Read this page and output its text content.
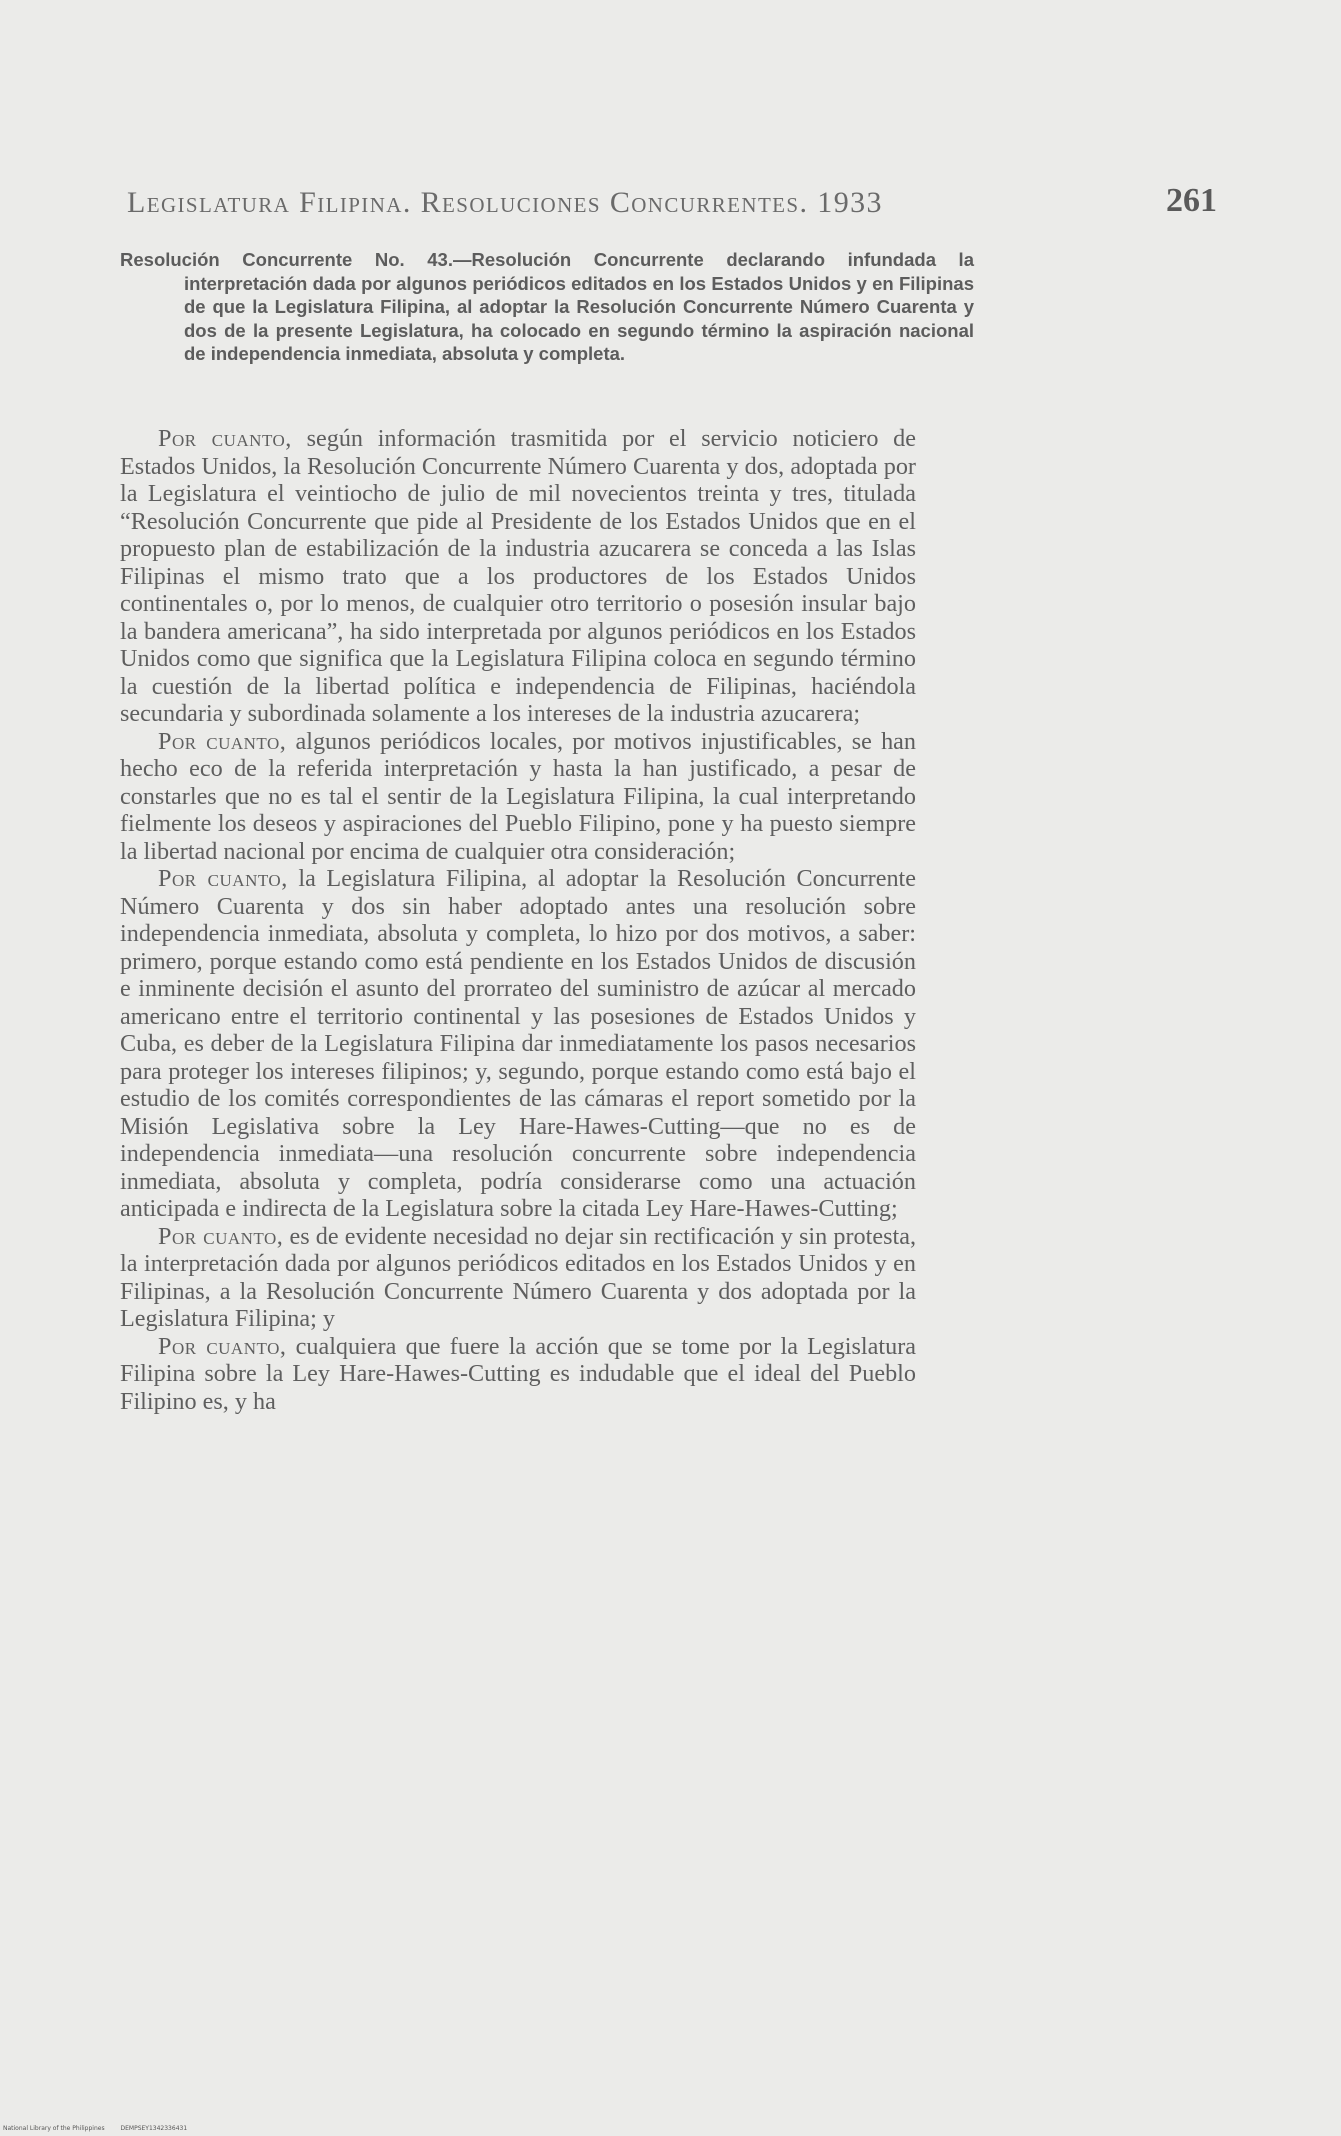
Legislatura Filipina. Resoluciones Concurrentes. 1933	261
Resolución Concurrente No. 43.—Resolución Concurrente declarando infundada la interpretación dada por algunos periódicos editados en los Estados Unidos y en Filipinas de que la Legislatura Filipina, al adoptar la Resolución Concurrente Número Cuarenta y dos de la presente Legislatura, ha colocado en segundo término la aspiración nacional de independencia inmediata, absoluta y completa.

Por cuanto, según información trasmitida por el servicio noticiero de Estados Unidos, la Resolución Concurrente Número Cuarenta y dos, adoptada por la Legislatura el veintiocho de julio de mil novecientos treinta y tres, titulada “Resolución Concurrente que pide al Presidente de los Estados Unidos que en el propuesto plan de estabilización de la industria azucarera se conceda a las Islas Filipinas el mismo trato que a los productores de los Estados Unidos continentales o, por lo menos, de cualquier otro territorio o posesión insular bajo la bandera americana”, ha sido interpretada por algunos periódicos en los Estados Unidos como que significa que la Legislatura Filipina coloca en segundo término la cuestión de la libertad política e independencia de Filipinas, haciéndola secundaria y subordinada solamente a los intereses de la industria azucarera;

Por cuanto, algunos periódicos locales, por motivos injustificables, se han hecho eco de la referida interpretación y hasta la han justificado, a pesar de constarles que no es tal el sentir de la Legislatura Filipina, la cual interpretando fielmente los deseos y aspiraciones del Pueblo Filipino, pone y ha puesto siempre la libertad nacional por encima de cualquier otra consideración;

Por cuanto, la Legislatura Filipina, al adoptar la Resolución Concurrente Número Cuarenta y dos sin haber adoptado antes una resolución sobre independencia inmediata, absoluta y completa, lo hizo por dos motivos, a saber: primero, porque estando como está pendiente en los Estados Unidos de discusión e inminente decisión el asunto del prorrateo del suministro de azúcar al mercado americano entre el territorio continental y las posesiones de Estados Unidos y Cuba, es deber de la Legislatura Filipina dar inmediatamente los pasos necesarios para proteger los intereses filipinos; y, segundo, porque estando como está bajo el estudio de los comités correspondientes de las cámaras el report sometido por la Misión Legislativa sobre la Ley Hare-Hawes-Cutting—que no es de independencia inmediata—una resolución concurrente sobre independencia inmediata, absoluta y completa, podría considerarse como una actuación anticipada e indirecta de la Legislatura sobre la citada Ley Hare-Hawes-Cutting;

Por cuanto, es de evidente necesidad no dejar sin rectificación y sin protesta, la interpretación dada por algunos periódicos editados en los Estados Unidos y en Filipinas, a la Resolución Concurrente Número Cuarenta y dos adoptada por la Legislatura Filipina; y

Por cuanto, cualquiera que fuere la acción que se tome por la Legislatura Filipina sobre la Ley Hare-Hawes-Cutting es indudable que el ideal del Pueblo Filipino es, y ha

National Library of the Philippines	DEMPSEY1342336431
